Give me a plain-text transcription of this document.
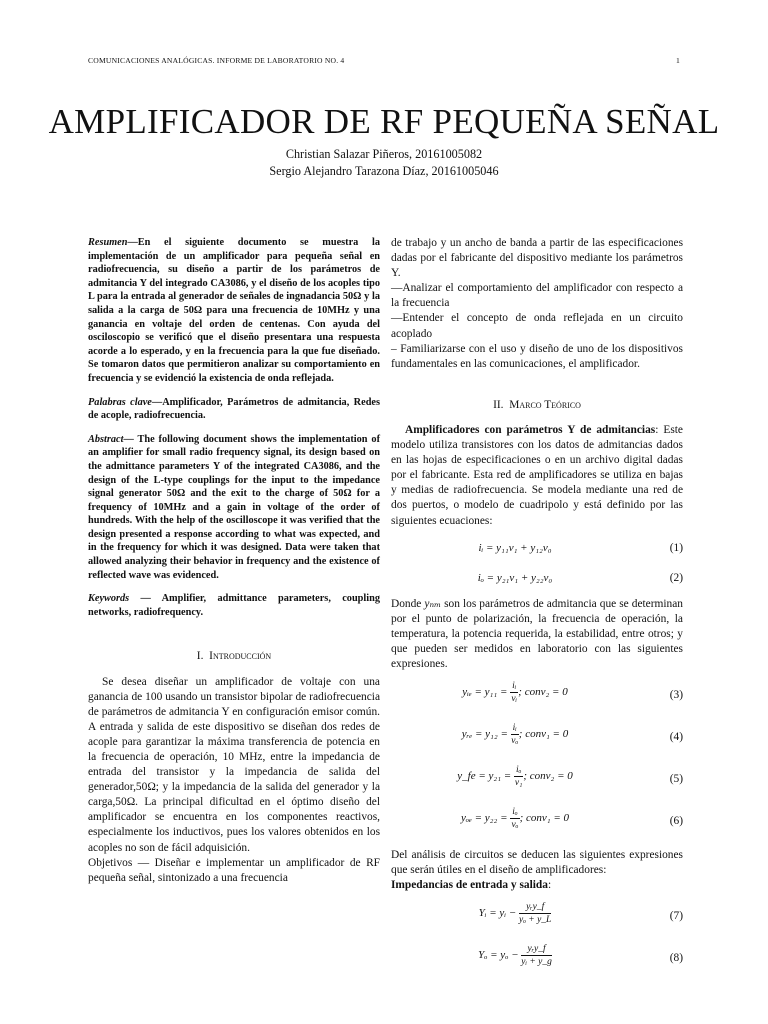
COMUNICACIONES ANALÓGICAS. INFORME DE LABORATORIO NO. 4	1
AMPLIFICADOR DE RF PEQUEÑA SEÑAL
Christian Salazar Piñeros, 20161005082
Sergio Alejandro Tarazona Díaz, 20161005046

Resumen—En el siguiente documento se muestra la implementación de un amplificador para pequeña señal en radiofrecuencia, su diseño a partir de los parámetros de admitancia Y del integrado CA3086, y el diseño de los acoples tipo L para la entrada al generador de señales de ingnadancia 50Ω y la salida a la carga de 50Ω para una frecuencia de 10MHz y una ganancia en voltaje del orden de centenas. Con ayuda del osciloscopio se verificó que el diseño presentara una respuesta acorde a lo esperado, y en la frecuencia para la que fue diseñado. Se tomaron datos que permitieron analizar su comportamiento en frecuencia y se evidenció la existencia de onda reflejada.

Palabras clave—Amplificador, Parámetros de admitancia, Redes de acople, radiofrecuencia.

Abstract— The following document shows the implementation of an amplifier for small radio frequency signal, its design based on the admittance parameters Y of the integrated CA3086, and the design of the L-type couplings for the input to the impedance signal generator 50Ω and the exit to the charge of 50Ω for a frequency of 10MHz and a gain in voltage of the order of hundreds. With the help of the oscilloscope it was verified that the design presented a response according to what was expected, and in the frequency for which it was designed. Data were taken that allowed analyzing their behavior in frequency and the existence of reflected wave was evidenced.

Keywords — Amplifier, admittance parameters, coupling networks, radiofrequency.

I. Introducción

Se desea diseñar un amplificador de voltaje con una ganancia de 100 usando un transistor bipolar de radiofrecuencia de parámetros de admitancia Y en configuración emisor común. A entrada y salida de este dispositivo se diseñan dos redes de acople para garantizar la máxima transferencia de potencia en la frecuencia de operación, 10 MHz, entre la impedancia de entrada del transistor y la impedancia de salida del generador,50Ω; y la impedancia de la salida del generador y la carga,50Ω. La principal dificultad en el óptimo diseño del amplificador se encuentra en los componentes reactivos, especialmente los inductivos, pues los valores obtenidos en los acoples no son de fácil adquisición.

Objetivos — Diseñar e implementar un amplificador de RF pequeña señal, sintonizado a una frecuencia

de trabajo y un ancho de banda a partir de las especificaciones dadas por el fabricante del dispositivo mediante los parámetros Y.

—Analizar el comportamiento del amplificador con respecto a la frecuencia

—Entender el concepto de onda reflejada en un circuito acoplado

– Familiarizarse con el uso y diseño de uno de los dispositivos fundamentales en las comunicaciones, el amplificador.

II. Marco Teórico

Amplificadores con parámetros Y de admitancias: Este modelo utiliza transistores con los datos de admitancias dados en las hojas de especificaciones o en un archivo digital dadas por el fabricante. Esta red de amplificadores se utiliza en bajas y medias de radiofrecuencia. Se modela mediante una red de dos puertos, o modelo de cuadripolo y está definido por las siguientes ecuaciones:

iᵢ = y₁₁v₁ + y₁₂v₀	(1)
iₒ = y₂₁v₁ + y₂₂v₀	(2)

Donde yₙₘ son los parámetros de admitancia que se determinan por el punto de polarización, la frecuencia de operación, la temperatura, la potencia requerida, la estabilidad, entre otros; y que pueden ser medidos en laboratorio con las siguientes expresiones.

yᵢₑ = $y_{11} = \frac{\text{iᵢ}}{\text{vᵢ}}$ ; conv₂ = 0	(3)
yᵣₑ = $y_{12} = \frac{\text{iᵢ}}{\text{vₒ}}$ ; conv₁ = 0	(4)
y_fe = $y_{21} = \frac{\text{iₒ}}{\text{v₁}}$ ; conv₂ = 0	(5)
$y_{oe} = y_{22} = \frac{\text{iₒ}}{\text{vₒ}}$ ; conv₁ = 0	(6)

Del análisis de circuitos se deducen las siguientes expresiones que serán útiles en el diseño de amplificadores:

Impedancias de entrada y salida:

Yᵢ = yᵢ −
yᵣy_f
yₒ + y_L	(7)
Yₒ = yₒ −
yᵣy_f
yᵢ + y_g	(8)
